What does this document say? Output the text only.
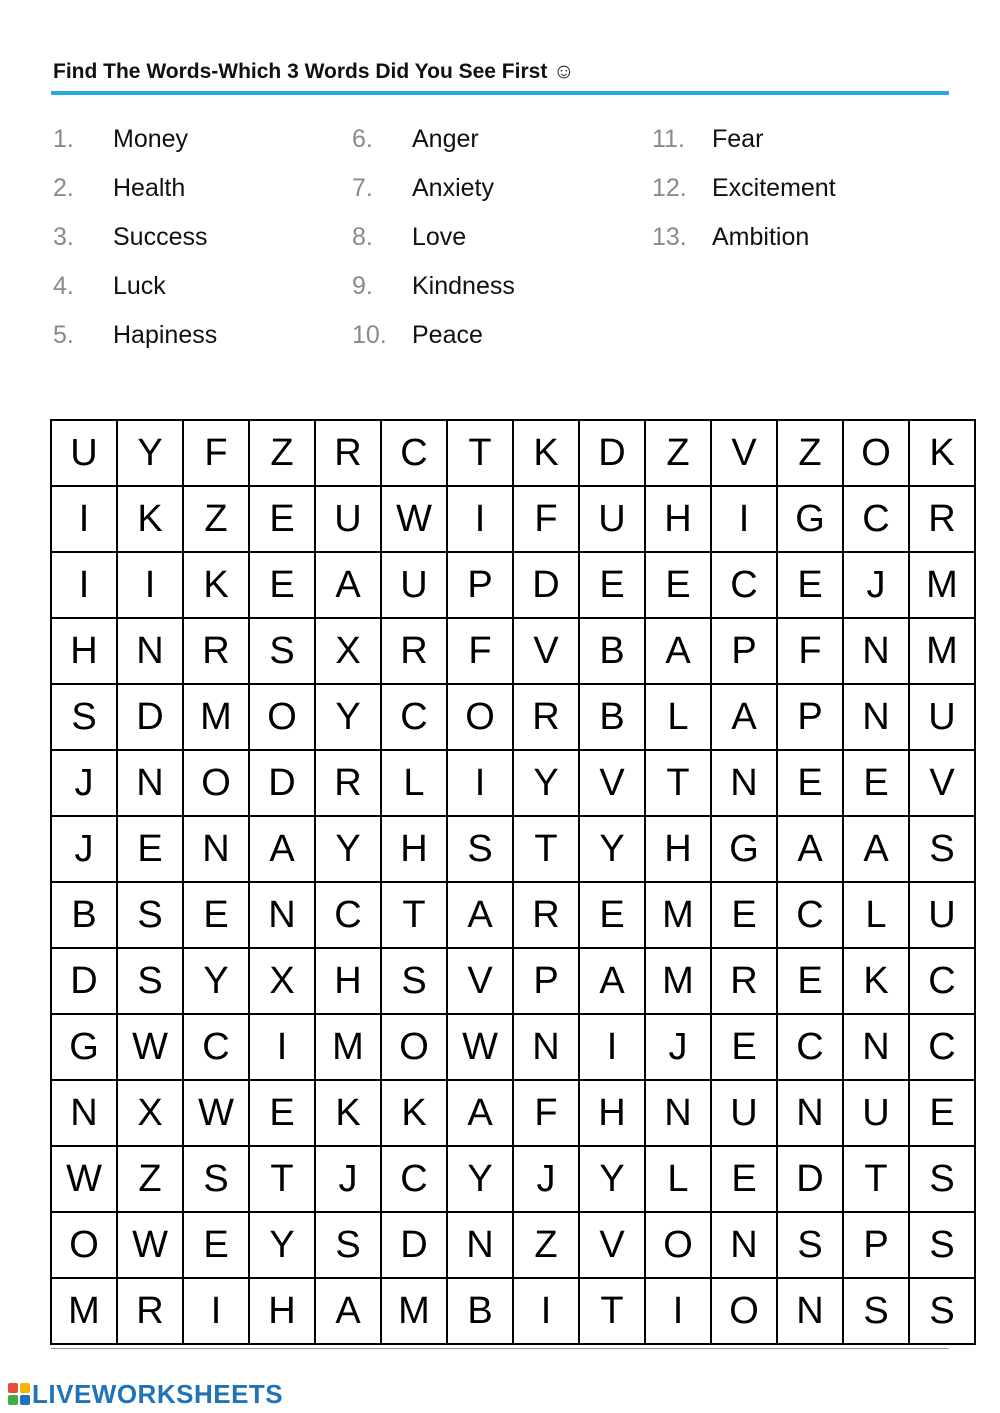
Find The Words-Which 3 Words Did You See First ☺
1. Money
2. Health
3. Success
4. Luck
5. Hapiness
6. Anger
7. Anxiety
8. Love
9. Kindness
10. Peace
11. Fear
12. Excitement
13. Ambition
U	Y	F	Z	R	C	T	K	D	Z	V	Z	O	K
I	K	Z	E	U	W	I	F	U	H	I	G	C	R
I	I	K	E	A	U	P	D	E	E	C	E	J	M
H	N	R	S	X	R	F	V	B	A	P	F	N	M
S	D	M	O	Y	C	O	R	B	L	A	P	N	U
J	N	O	D	R	L	I	Y	V	T	N	E	E	V
J	E	N	A	Y	H	S	T	Y	H	G	A	A	S
B	S	E	N	C	T	A	R	E	M	E	C	L	U
D	S	Y	X	H	S	V	P	A	M	R	E	K	C
G	W	C	I	M	O	W	N	I	J	E	C	N	C
N	X	W	E	K	K	A	F	H	N	U	N	U	E
W	Z	S	T	J	C	Y	J	Y	L	E	D	T	S
O	W	E	Y	S	D	N	Z	V	O	N	S	P	S
M	R	I	H	A	M	B	I	T	I	O	N	S	S
LIVEWORKSHEETS
